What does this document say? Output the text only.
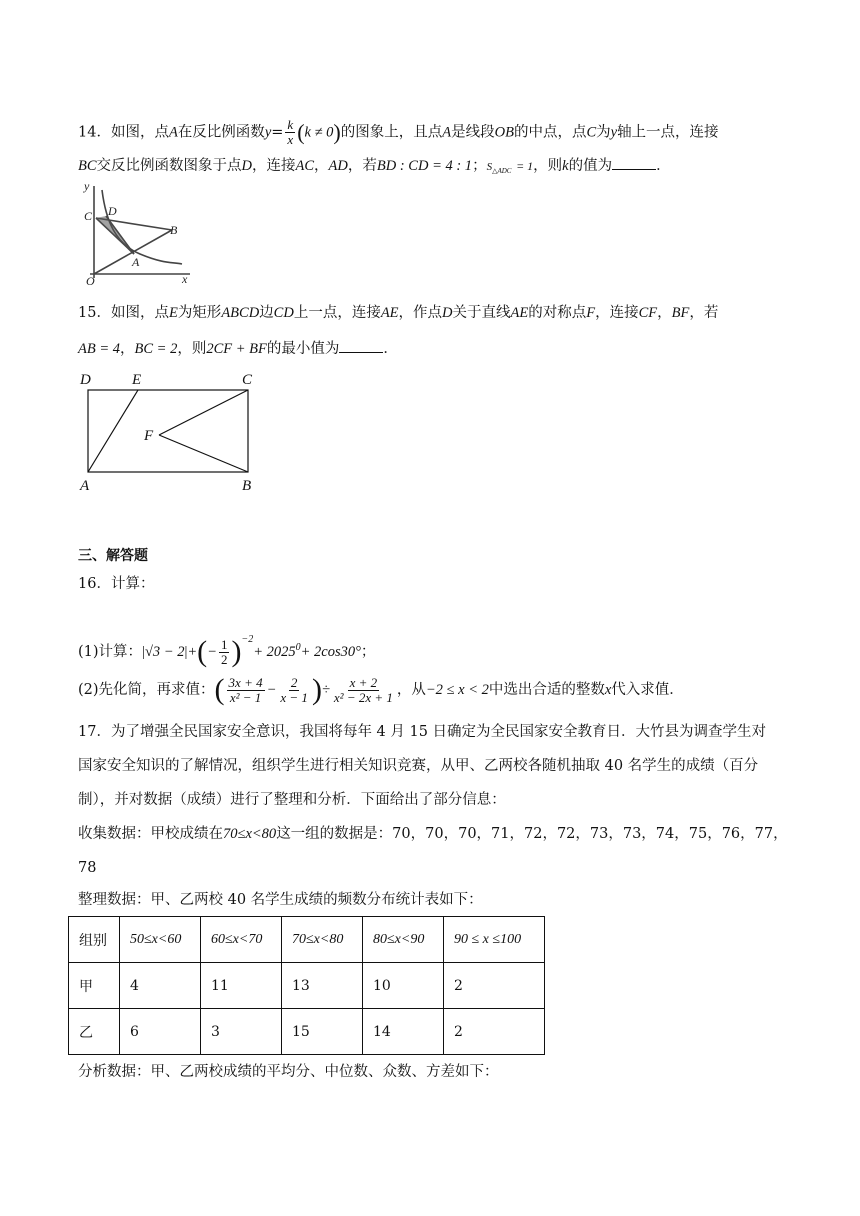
14．如图，点A在反比例函数$y= \frac{k}{x} (k \ne 0)$的图象上，且点A是线段OB的中点，点C为y轴上一点，连接
BC交反比例函数图象于点D，连接AC，AD，若BD : CD = 4 : 1；$S_{\triangle ADC} = 1$，则k的值为	．
y
C D
B
A
O	x
15．如图，点E为矩形ABCD边CD上一点，连接AE，作点D关于直线AE的对称点F，连接CF，BF，若
AB = 4，BC = 2，则2CF + BF的最小值为	．
D	E	C
F
A	B
三、解答题
16．计算：
(1)计算：$|√3 - 2|+(- \frac{1}{2} )^{-2}+ 2025^0+ 2\cos 30^\circ$；
(2)先化简，再求值：( $\frac{3x + 4}{\text{x² − 1}} - \frac{2}{x - 1}$ )÷ $\frac{x + 2}{\text{x² − 2x + 1}}$ ，从−2 ≤ x < 2中选出合适的整数x代入求值．
17．为了增强全民国家安全意识，我国将每年 4 月 15 日确定为全民国家安全教育日．大竹县为调查学生对
国家安全知识的了解情况，组织学生进行相关知识竞赛，从甲、乙两校各随机抽取 40 名学生的成绩（百分
制），并对数据（成绩）进行了整理和分析．下面给出了部分信息：
收集数据：甲校成绩在70≤x<80这一组的数据是：70，70，70，71，72，72，73，73，74，75，76，77，
78
整理数据：甲、乙两校 40 名学生成绩的频数分布统计表如下：
组别	50≤x<60	60≤x<70	70≤x<80	80≤x<90	90 ≤ x ≤100
甲	4	11	13	10	2
乙	6	3	15	14	2
分析数据：甲、乙两校成绩的平均分、中位数、众数、方差如下：
